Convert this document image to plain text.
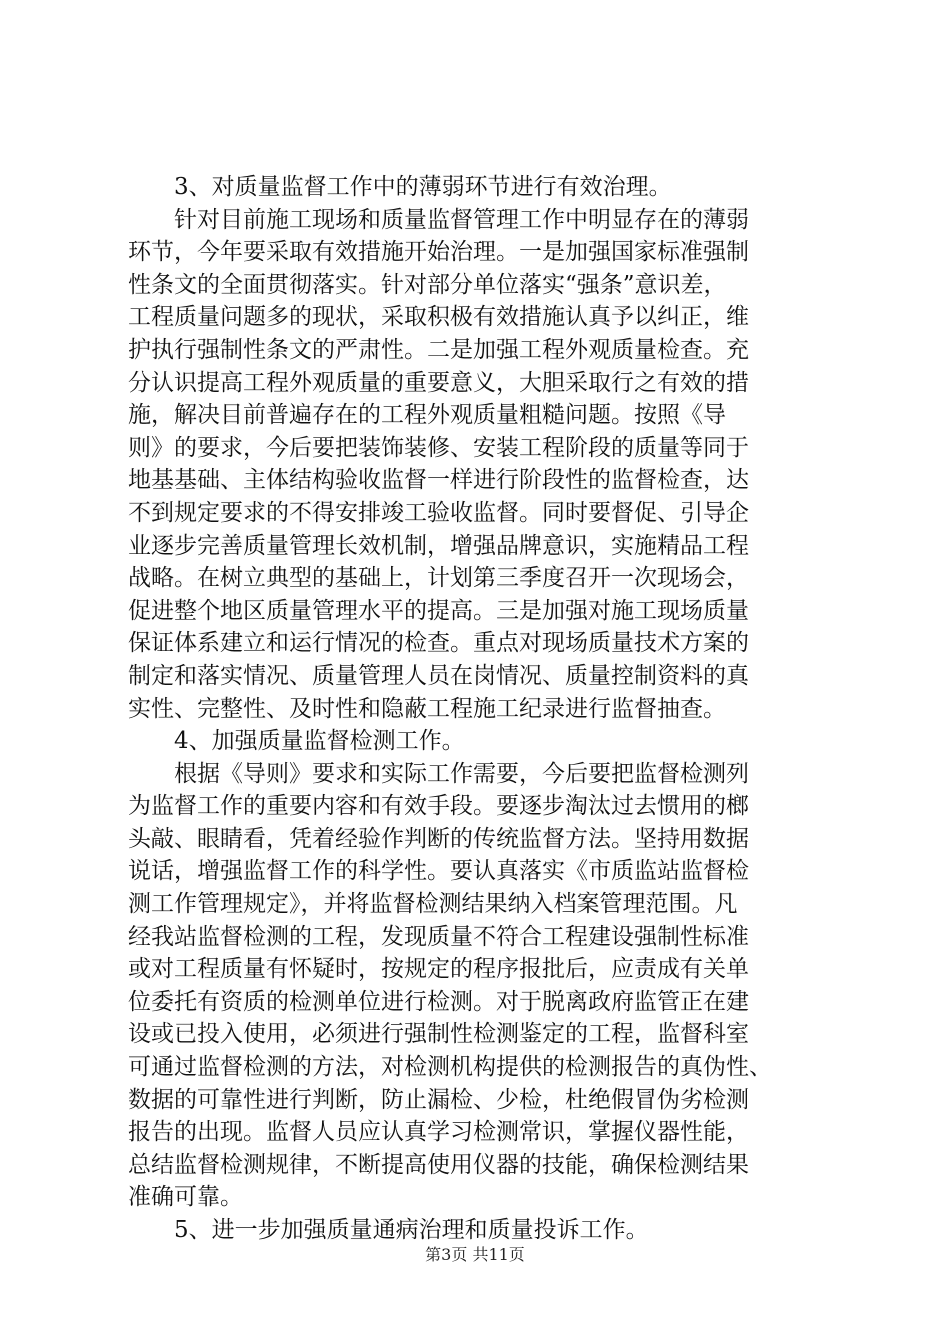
3、对质量监督工作中的薄弱环节进行有效治理。
针对目前施工现场和质量监督管理工作中明显存在的薄弱
环节，今年要采取有效措施开始治理。一是加强国家标准强制
性条文的全面贯彻落实。针对部分单位落实“强条”意识差，
工程质量问题多的现状，采取积极有效措施认真予以纠正，维
护执行强制性条文的严肃性。二是加强工程外观质量检查。充
分认识提高工程外观质量的重要意义，大胆采取行之有效的措
施，解决目前普遍存在的工程外观质量粗糙问题。按照《导
则》的要求，今后要把装饰装修、安装工程阶段的质量等同于
地基基础、主体结构验收监督一样进行阶段性的监督检查，达
不到规定要求的不得安排竣工验收监督。同时要督促、引导企
业逐步完善质量管理长效机制，增强品牌意识，实施精品工程
战略。在树立典型的基础上，计划第三季度召开一次现场会，
促进整个地区质量管理水平的提高。三是加强对施工现场质量
保证体系建立和运行情况的检查。重点对现场质量技术方案的
制定和落实情况、质量管理人员在岗情况、质量控制资料的真
实性、完整性、及时性和隐蔽工程施工纪录进行监督抽查。
4、加强质量监督检测工作。
根据《导则》要求和实际工作需要，今后要把监督检测列
为监督工作的重要内容和有效手段。要逐步淘汰过去惯用的榔
头敲、眼睛看，凭着经验作判断的传统监督方法。坚持用数据
说话，增强监督工作的科学性。要认真落实《市质监站监督检
测工作管理规定》，并将监督检测结果纳入档案管理范围。凡
经我站监督检测的工程，发现质量不符合工程建设强制性标准
或对工程质量有怀疑时，按规定的程序报批后，应责成有关单
位委托有资质的检测单位进行检测。对于脱离政府监管正在建
设或已投入使用，必须进行强制性检测鉴定的工程，监督科室
可通过监督检测的方法，对检测机构提供的检测报告的真伪性、
数据的可靠性进行判断，防止漏检、少检，杜绝假冒伪劣检测
报告的出现。监督人员应认真学习检测常识，掌握仪器性能，
总结监督检测规律，不断提高使用仪器的技能，确保检测结果
准确可靠。
5、进一步加强质量通病治理和质量投诉工作。
第3页 共11页
